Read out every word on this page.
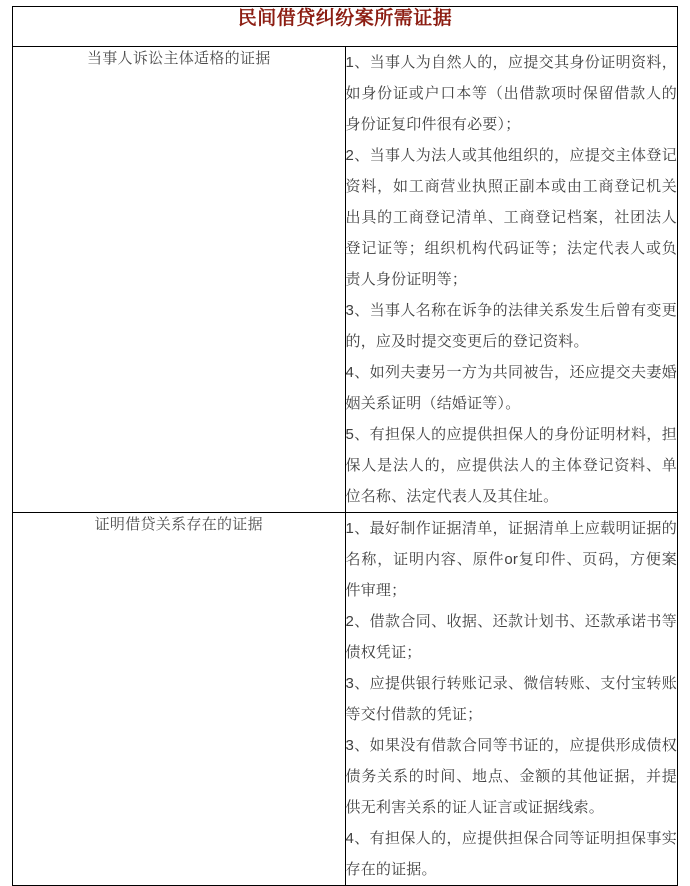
民间借贷纠纷案所需证据	

当事人诉讼主体适格的证据	1、当事人为自然人的，应提交其身份证明资料，如身份证或户口本等（出借款项时保留借款人的身份证复印件很有必要）；

2、当事人为法人或其他组织的，应提交主体登记资料，如工商营业执照正副本或由工商登记机关出具的工商登记清单、工商登记档案，社团法人登记证等；组织机构代码证等；法定代表人或负责人身份证明等；

3、当事人名称在诉争的法律关系发生后曾有变更的，应及时提交变更后的登记资料。

4、如列夫妻另一方为共同被告，还应提交夫妻婚姻关系证明（结婚证等）。

5、有担保人的应提供担保人的身份证明材料，担保人是法人的，应提供法人的主体登记资料、单位名称、法定代表人及其住址。

证明借贷关系存在的证据	1、最好制作证据清单，证据清单上应载明证据的名称，证明内容、原件or复印件、页码，方便案件审理；

2、借款合同、收据、还款计划书、还款承诺书等债权凭证；

3、应提供银行转账记录、微信转账、支付宝转账等交付借款的凭证；

3、如果没有借款合同等书证的，应提供形成债权债务关系的时间、地点、金额的其他证据，并提供无利害关系的证人证言或证据线索。

4、有担保人的，应提供担保合同等证明担保事实存在的证据。
